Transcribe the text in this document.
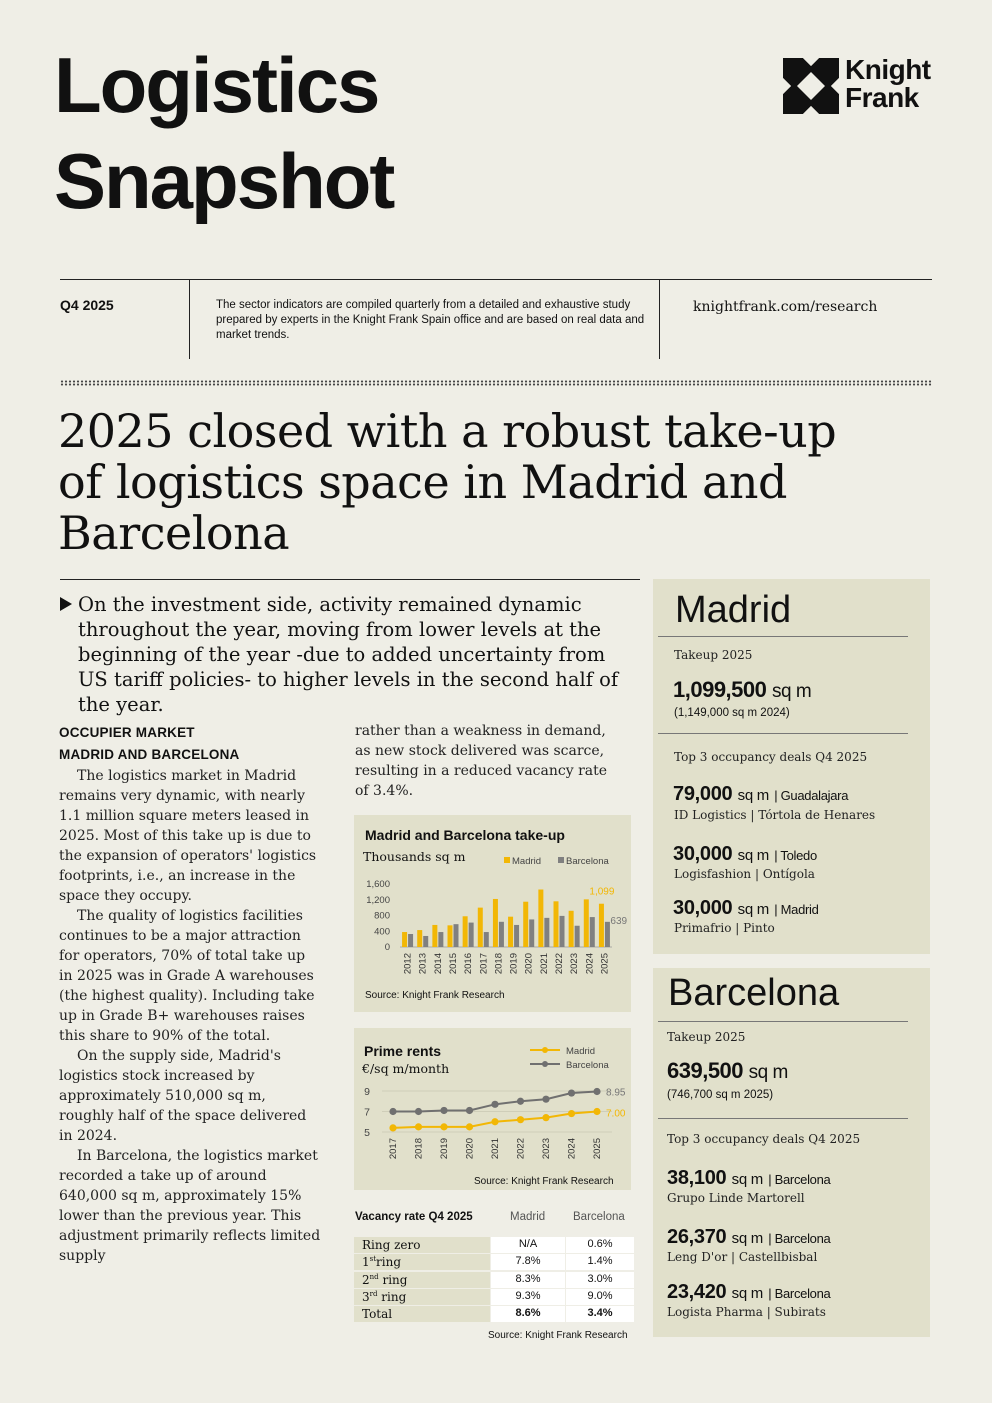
Logistics
Snapshot
Knight
Frank
Q4 2025	The sector indicators are compiled quarterly from a detailed and exhaustive study prepared by experts in the Knight Frank Spain office and are based on real data and market trends.
knightfrank.com/research
2025 closed with a robust take-up of logistics space in Madrid and Barcelona
On the investment side, activity remained dynamic throughout the year, moving from lower levels at the beginning of the year -due to added uncertainty from US tariff policies- to higher levels in the second half of the year.
OCCUPIER MARKET
MADRID AND BARCELONA

The logistics market in Madrid remains very dynamic, with nearly 1.1 million square meters leased in 2025. Most of this take up is due to the expansion of operators' logistics footprints, i.e., an increase in the space they occupy.

The quality of logistics facilities continues to be a major attraction for operators, 70% of total take up in 2025 was in Grade A warehouses (the highest quality). Including take up in Grade B+ warehouses raises this share to 90% of the total.

On the supply side, Madrid's logistics stock increased by approximately 510,000 sq m, roughly half of the space delivered in 2024.

In Barcelona, the logistics market recorded a take up of around 640,000 sq m, approximately 15% lower than the previous year. This adjustment primarily reflects limited supply

rather than a weakness in demand, as new stock delivered was scarce, resulting in a reduced vacancy rate of 3.4%.

Madrid and Barcelona take-up
Thousands sq m
1,600
1,200
800
400
0
2012 2013 2014 2015 2016 2017 2018 2019 2020 2021 2022 2023 2024 2025
Madrid	Barcelona
1,099
639
Source: Knight Frank Research
Prime rents
€/sq m/month
9
7
5
2017 2018 2019 2020 2021 2022 2023 2024 2025
Madrid
Barcelona
8.95
7.00
Source: Knight Frank Research
Vacancy rate Q4 2025	Madrid Barcelona
Ring zero	N/A	0.6%
1string	7.8%	1.4%
2nd ring	8.3%	3.0%
3rd ring	9.3%	9.0%
Total	8.6%	3.4%
Source: Knight Frank Research
Madrid
Takeup 2025
1,099,500 sq m
(1,149,000 sq m 2024)
Top 3 occupancy deals Q4 2025
79,000 sq m | Guadalajara
ID Logistics | Tórtola de Henares
30,000 sq m | Toledo
Logisfashion | Ontígola
30,000 sq m | Madrid
Primafrio | Pinto
Barcelona
Takeup 2025
639,500 sq m
(746,700 sq m 2025)
Top 3 occupancy deals Q4 2025
38,100 sq m | Barcelona
Grupo Linde Martorell
26,370 sq m | Barcelona
Leng D'or | Castellbisbal
23,420 sq m | Barcelona
Logista Pharma | Subirats
